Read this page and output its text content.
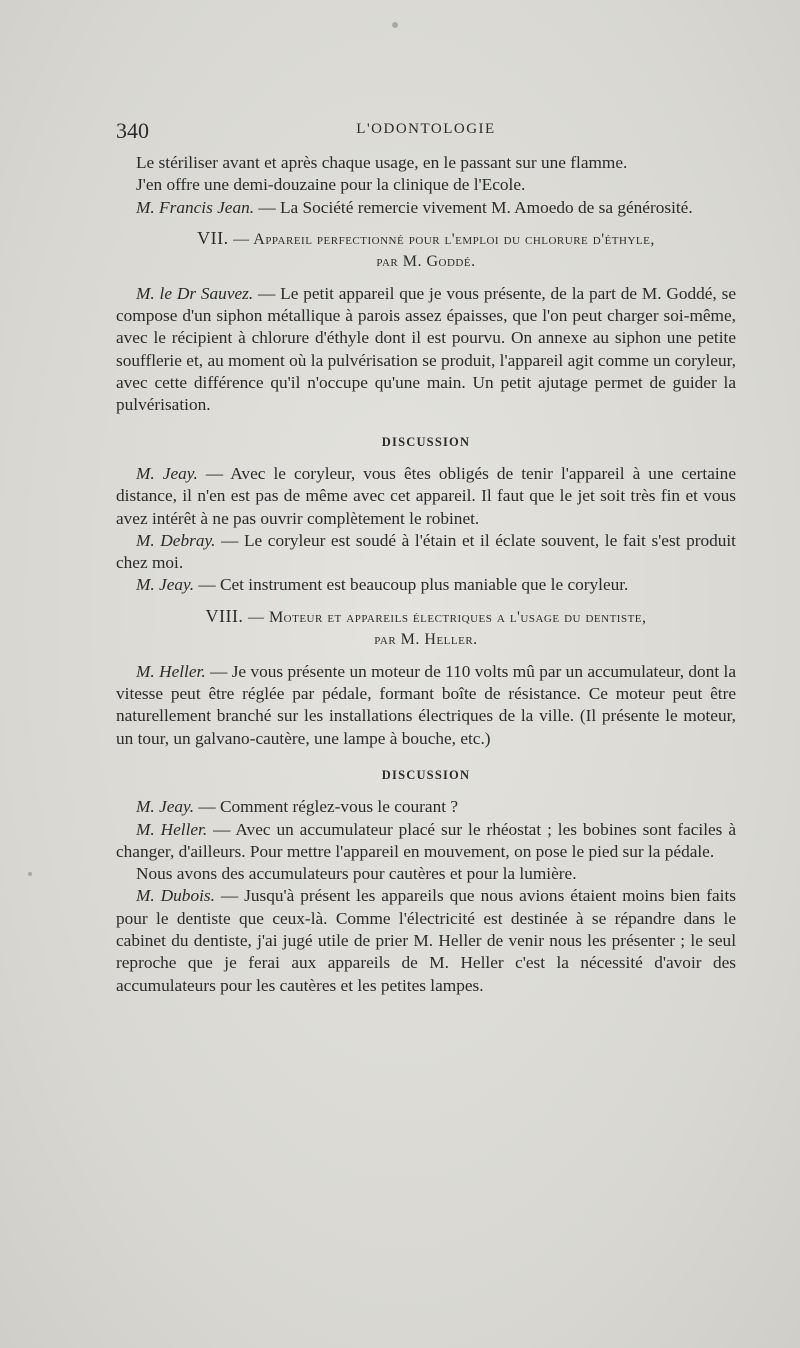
340	L'ODONTOLOGIE

Le stériliser avant et après chaque usage, en le passant sur une flamme.

J'en offre une demi-douzaine pour la clinique de l'Ecole.

M. Francis Jean. — La Société remercie vivement M. Amoedo de sa générosité.

VII. — Appareil perfectionné pour l'emploi du chlorure d'éthyle,
par M. Goddé.

M. le Dr Sauvez. — Le petit appareil que je vous présente, de la part de M. Goddé, se compose d'un siphon métallique à parois assez épaisses, que l'on peut charger soi-même, avec le récipient à chlorure d'éthyle dont il est pourvu. On annexe au siphon une petite soufflerie et, au moment où la pulvérisation se produit, l'appareil agit comme un coryleur, avec cette différence qu'il n'occupe qu'une main. Un petit ajutage permet de guider la pulvérisation.

DISCUSSION

M. Jeay. — Avec le coryleur, vous êtes obligés de tenir l'appareil à une certaine distance, il n'en est pas de même avec cet appareil. Il faut que le jet soit très fin et vous avez intérêt à ne pas ouvrir complètement le robinet.

M. Debray. — Le coryleur est soudé à l'étain et il éclate souvent, le fait s'est produit chez moi.

M. Jeay. — Cet instrument est beaucoup plus maniable que le coryleur.

VIII. — Moteur et appareils électriques a l'usage du dentiste,
par M. Heller.

M. Heller. — Je vous présente un moteur de 110 volts mû par un accumulateur, dont la vitesse peut être réglée par pédale, formant boîte de résistance. Ce moteur peut être naturellement branché sur les installations électriques de la ville. (Il présente le moteur, un tour, un galvano-cautère, une lampe à bouche, etc.)

DISCUSSION

M. Jeay. — Comment réglez-vous le courant ?

M. Heller. — Avec un accumulateur placé sur le rhéostat ; les bobines sont faciles à changer, d'ailleurs. Pour mettre l'appareil en mouvement, on pose le pied sur la pédale.

Nous avons des accumulateurs pour cautères et pour la lumière.

M. Dubois. — Jusqu'à présent les appareils que nous avions étaient moins bien faits pour le dentiste que ceux-là. Comme l'électricité est destinée à se répandre dans le cabinet du dentiste, j'ai jugé utile de prier M. Heller de venir nous les présenter ; le seul reproche que je ferai aux appareils de M. Heller c'est la nécessité d'avoir des accumulateurs pour les cautères et les petites lampes.
